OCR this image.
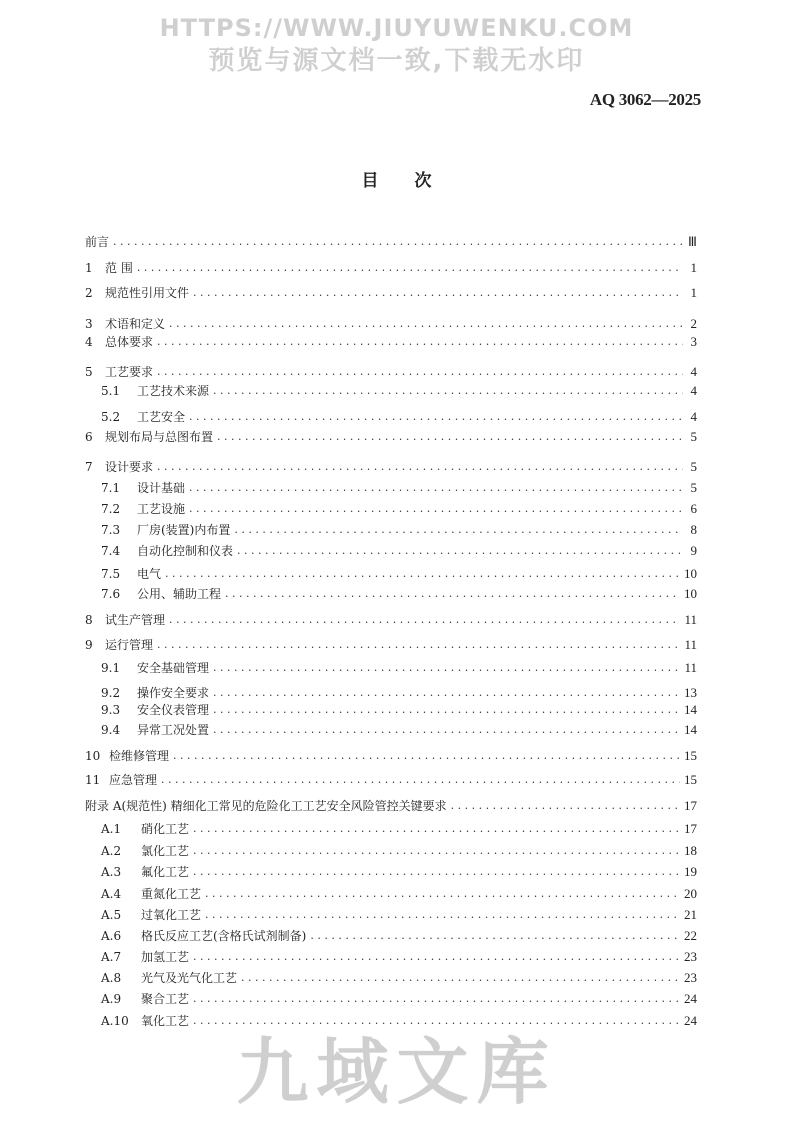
HTTPS://WWW.JIUYUWENKU.COM
预览与源文档一致,下载无水印
AQ 3062—2025
目 次
前言 . . .	Ⅲ
1	范 围 . . .	1
2	规范性引用文件 . . .	1
3	术语和定义 . . .	2
4	总体要求 . . .	3
5	工艺要求 . . .	4
5.1	工艺技术来源 . . .	4
5.2	工艺安全 . . .	4
6	规划布局与总图布置 . . .	5
7	设计要求 . . .	5
7.1	设计基础 . . .	5
7.2	工艺设施 . . .	6
7.3	厂房(装置)内布置 . . .	8
7.4	自动化控制和仪表 . . .	9
7.5	电气 . . .	10
7.6	公用、辅助工程 . . .	10
8	试生产管理 . . .	11
9	运行管理 . . .	11
9.1	安全基础管理 . . .	11
9.2	操作安全要求 . . .	13
9.3	安全仪表管理 . . .	14
9.4	异常工况处置 . . .	14
10 检维修管理 . . .	15
11 应急管理 . . .	15
附录 A(规范性) 精细化工常见的危险化工工艺安全风险管控关键要求 . . .	17
A.1	硝化工艺 . . .	17
A.2	氯化工艺 . . .	18
A.3	氟化工艺 . . .	19
A.4	重氮化工艺 . . .	20
A.5	过氧化工艺 . . .	21
A.6	格氏反应工艺(含格氏试剂制备) . . .	22
A.7	加氢工艺 . . .	23
A.8	光气及光气化工艺 . . .	23
A.9	聚合工艺 . . .	24
A.10	氧化工艺 . . .	24
九域文库
